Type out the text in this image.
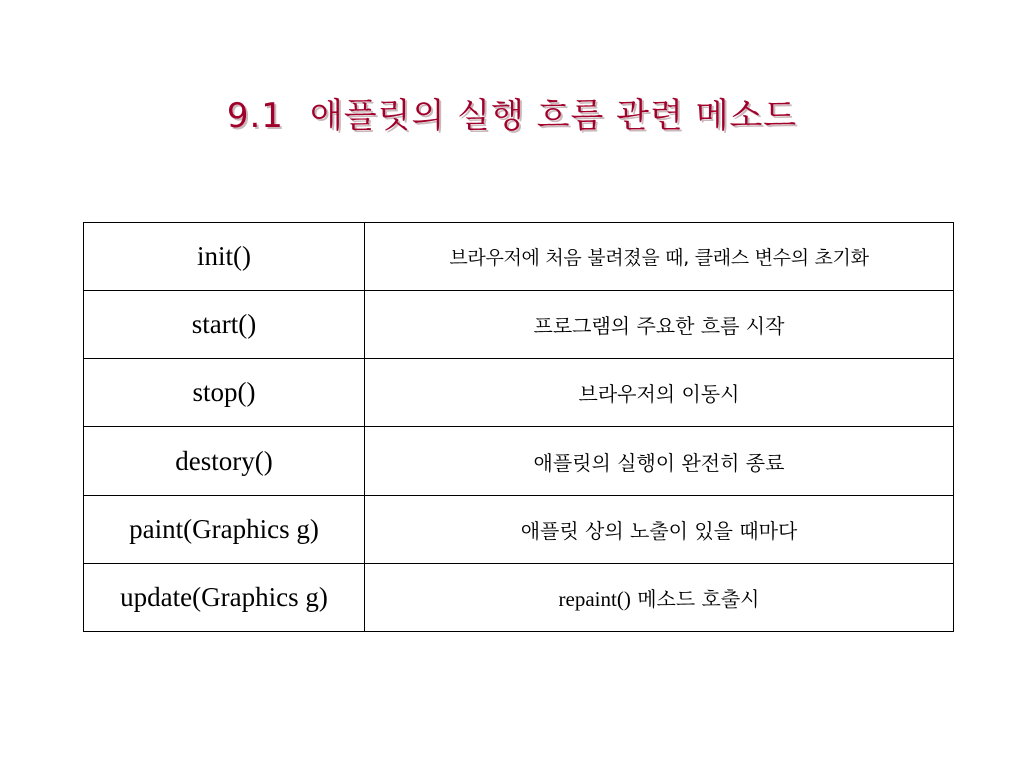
9.1 애플릿의 실행 흐름 관련 메소드
init()	브라우저에 처음 불려졌을 때, 클래스 변수의 초기화
start()	프로그램의 주요한 흐름 시작
stop()	브라우저의 이동시
destory()	애플릿의 실행이 완전히 종료
paint(Graphics g)	애플릿 상의 노출이 있을 때마다
update(Graphics g)	repaint() 메소드 호출시
